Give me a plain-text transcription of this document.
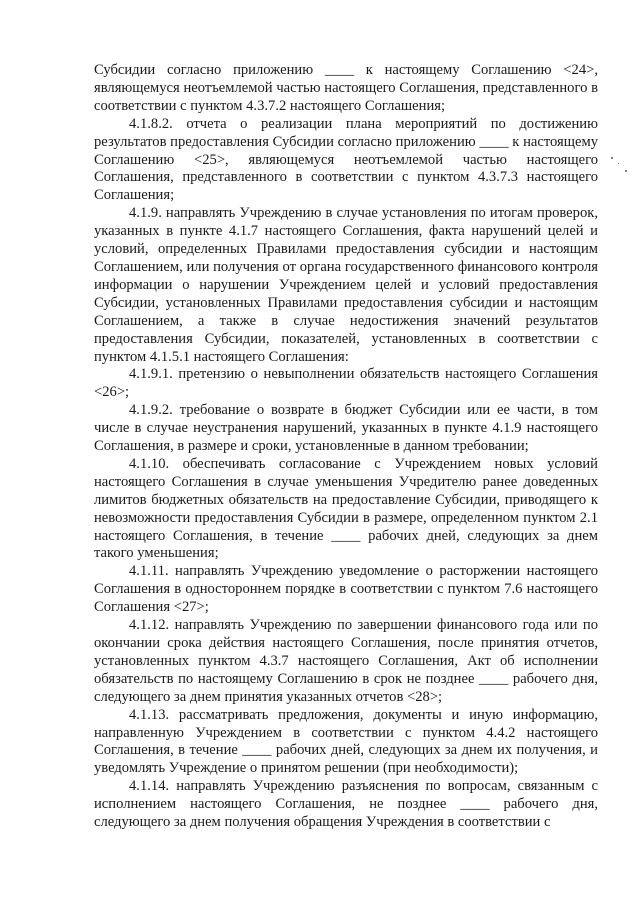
Субсидии согласно приложению ____ к настоящему Соглашению <24>, являющемуся неотъемлемой частью настоящего Соглашения, представленного в соответствии с пунктом 4.3.7.2 настоящего Соглашения;

4.1.8.2. отчета о реализации плана мероприятий по достижению результатов предоставления Субсидии согласно приложению ____ к настоящему Соглашению <25>, являющемуся неотъемлемой частью настоящего Соглашения, представленного в соответствии с пунктом 4.3.7.3 настоящего Соглашения;

4.1.9. направлять Учреждению в случае установления по итогам проверок, указанных в пункте 4.1.7 настоящего Соглашения, факта нарушений целей и условий, определенных Правилами предоставления субсидии и настоящим Соглашением, или получения от органа государственного финансового контроля информации о нарушении Учреждением целей и условий предоставления Субсидии, установленных Правилами предоставления субсидии и настоящим Соглашением, а также в случае недостижения значений результатов предоставления Субсидии, показателей, установленных в соответствии с пунктом 4.1.5.1 настоящего Соглашения:

4.1.9.1. претензию о невыполнении обязательств настоящего Соглашения <26>;

4.1.9.2. требование о возврате в бюджет Субсидии или ее части, в том числе в случае неустранения нарушений, указанных в пункте 4.1.9 настоящего Соглашения, в размере и сроки, установленные в данном требовании;

4.1.10. обеспечивать согласование с Учреждением новых условий настоящего Соглашения в случае уменьшения Учредителю ранее доведенных лимитов бюджетных обязательств на предоставление Субсидии, приводящего к невозможности предоставления Субсидии в размере, определенном пунктом 2.1 настоящего Соглашения, в течение ____ рабочих дней, следующих за днем такого уменьшения;

4.1.11. направлять Учреждению уведомление о расторжении настоящего Соглашения в одностороннем порядке в соответствии с пунктом 7.6 настоящего Соглашения <27>;

4.1.12. направлять Учреждению по завершении финансового года или по окончании срока действия настоящего Соглашения, после принятия отчетов, установленных пунктом 4.3.7 настоящего Соглашения, Акт об исполнении обязательств по настоящему Соглашению в срок не позднее ____ рабочего дня, следующего за днем принятия указанных отчетов <28>;

4.1.13. рассматривать предложения, документы и иную информацию, направленную Учреждением в соответствии с пунктом 4.4.2 настоящего Соглашения, в течение ____ рабочих дней, следующих за днем их получения, и уведомлять Учреждение о принятом решении (при необходимости);

4.1.14. направлять Учреждению разъяснения по вопросам, связанным с исполнением настоящего Соглашения, не позднее ____ рабочего дня, следующего за днем получения обращения Учреждения в соответствии с
